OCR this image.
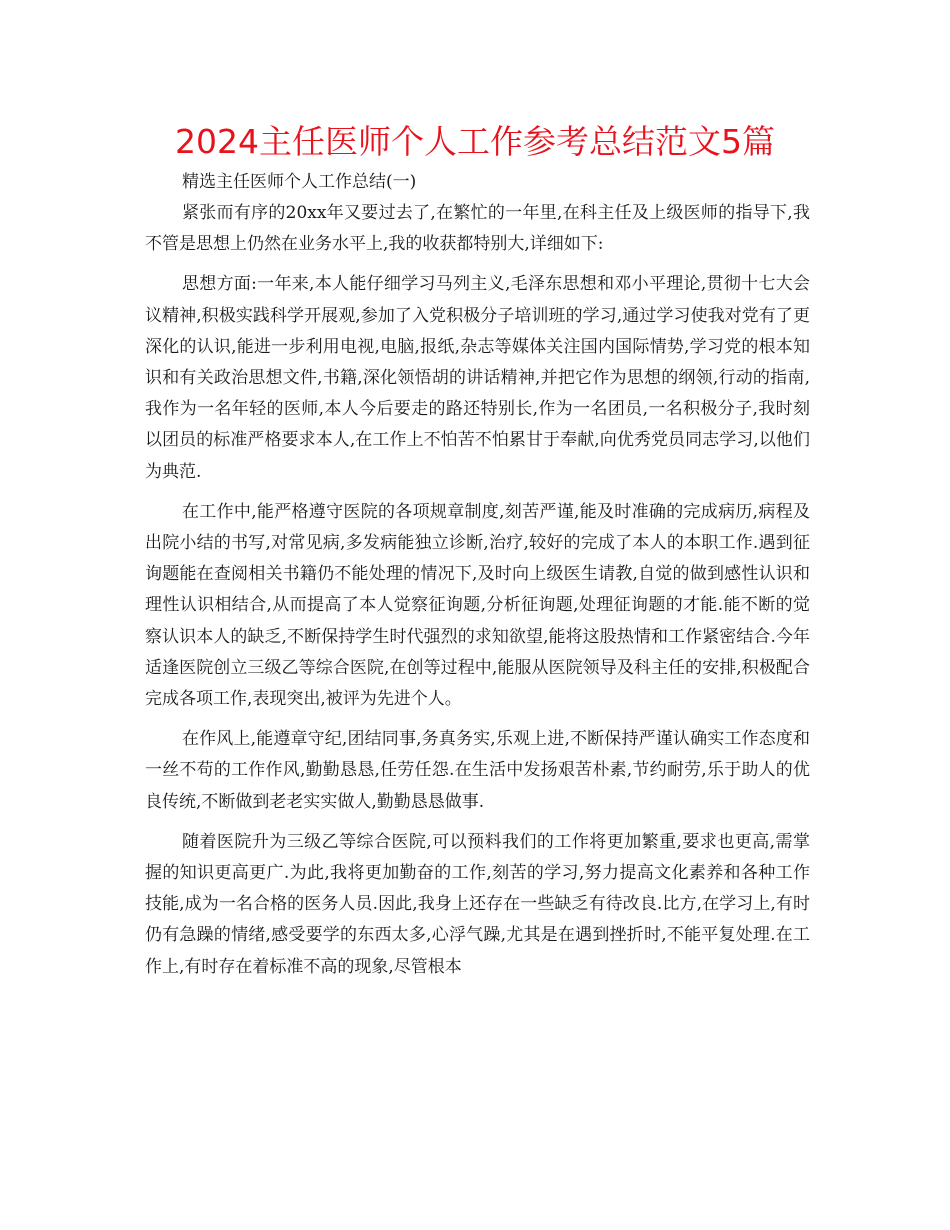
2024主任医师个人工作参考总结范文5篇

精选主任医师个人工作总结(一)

紧张而有序的20xx年又要过去了,在繁忙的一年里,在科主任及上级医师的指导下,我不管是思想上仍然在业务水平上,我的收获都特别大,详细如下:

思想方面:一年来,本人能仔细学习马列主义,毛泽东思想和邓小平理论,贯彻十七大会议精神,积极实践科学开展观,参加了入党积极分子培训班的学习,通过学习使我对党有了更深化的认识,能进一步利用电视,电脑,报纸,杂志等媒体关注国内国际情势,学习党的根本知识和有关政治思想文件,书籍,深化领悟胡的讲话精神,并把它作为思想的纲领,行动的指南,我作为一名年轻的医师,本人今后要走的路还特别长,作为一名团员,一名积极分子,我时刻以团员的标准严格要求本人,在工作上不怕苦不怕累甘于奉献,向优秀党员同志学习,以他们为典范.

在工作中,能严格遵守医院的各项规章制度,刻苦严谨,能及时准确的完成病历,病程及出院小结的书写,对常见病,多发病能独立诊断,治疗,较好的完成了本人的本职工作.遇到征询题能在查阅相关书籍仍不能处理的情况下,及时向上级医生请教,自觉的做到感性认识和理性认识相结合,从而提高了本人觉察征询题,分析征询题,处理征询题的才能.能不断的觉察认识本人的缺乏,不断保持学生时代强烈的求知欲望,能将这股热情和工作紧密结合.今年适逢医院创立三级乙等综合医院,在创等过程中,能服从医院领导及科主任的安排,积极配合完成各项工作,表现突出,被评为先进个人。

在作风上,能遵章守纪,团结同事,务真务实,乐观上进,不断保持严谨认确实工作态度和一丝不苟的工作作风,勤勤恳恳,任劳任怨.在生活中发扬艰苦朴素,节约耐劳,乐于助人的优良传统,不断做到老老实实做人,勤勤恳恳做事.

随着医院升为三级乙等综合医院,可以预料我们的工作将更加繁重,要求也更高,需掌握的知识更高更广.为此,我将更加勤奋的工作,刻苦的学习,努力提高文化素养和各种工作技能,成为一名合格的医务人员.因此,我身上还存在一些缺乏有待改良.比方,在学习上,有时仍有急躁的情绪,感受要学的东西太多,心浮气躁,尤其是在遇到挫折时,不能平复处理.在工作上,有时存在着标准不高的现象,尽管根本
